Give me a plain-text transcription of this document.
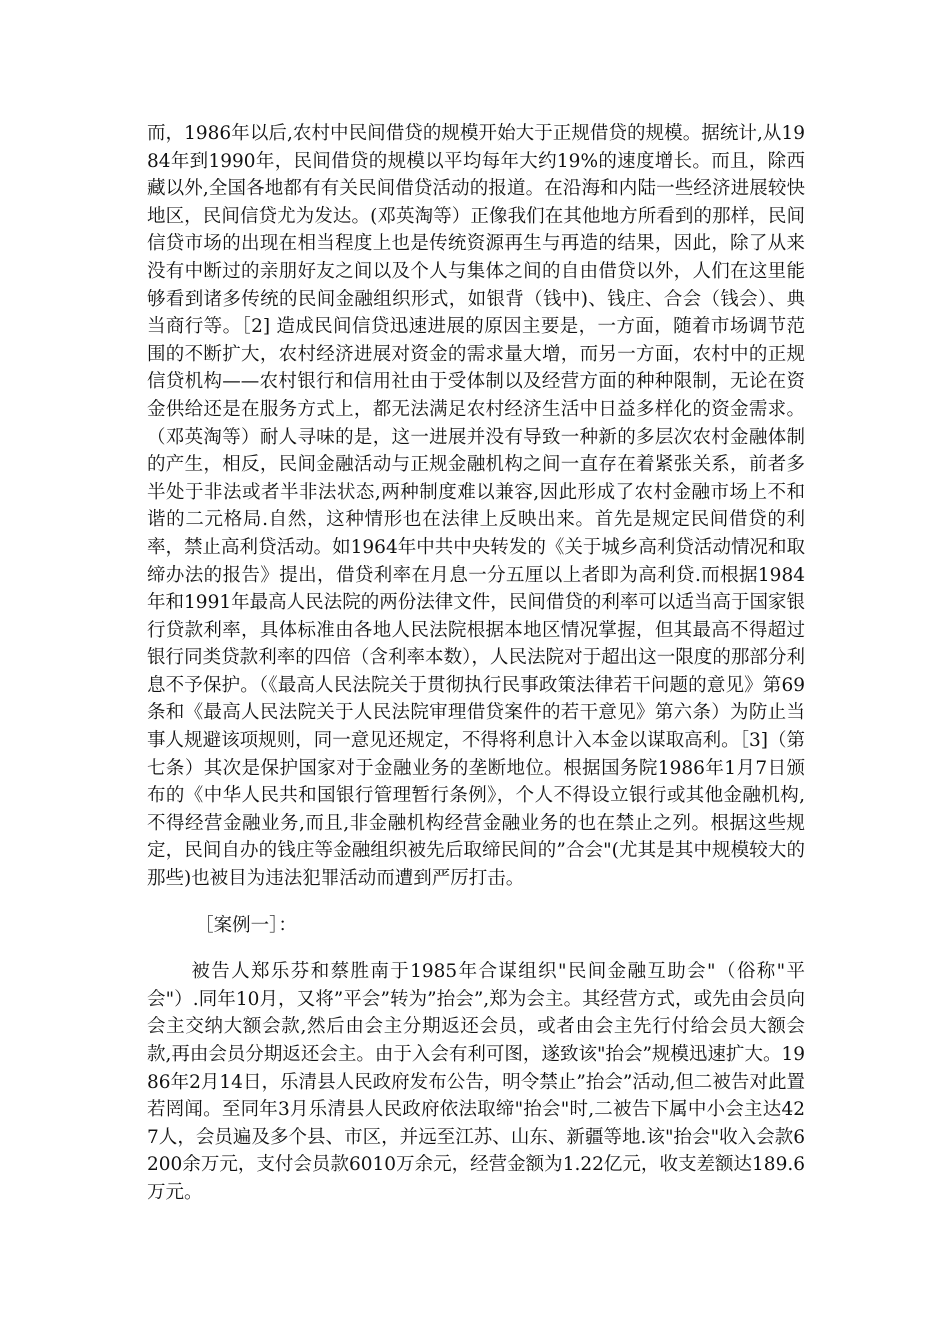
而，1986年以后,农村中民间借贷的规模开始大于正规借贷的规模。据统计,从1984年到1990年，民间借贷的规模以平均每年大约19%的速度增长。而且，除西藏以外,全国各地都有有关民间借贷活动的报道。在沿海和内陆一些经济进展较快地区，民间信贷尤为发达。(邓英淘等）正像我们在其他地方所看到的那样，民间信贷市场的出现在相当程度上也是传统资源再生与再造的结果，因此，除了从来没有中断过的亲朋好友之间以及个人与集体之间的自由借贷以外，人们在这里能够看到诸多传统的民间金融组织形式，如银背（钱中)、钱庄、合会（钱会）、典当商行等。［2] 造成民间信贷迅速进展的原因主要是，一方面，随着市场调节范围的不断扩大，农村经济进展对资金的需求量大增，而另一方面，农村中的正规信贷机构——农村银行和信用社由于受体制以及经营方面的种种限制，无论在资金供给还是在服务方式上，都无法满足农村经济生活中日益多样化的资金需求。（邓英淘等）耐人寻味的是，这一进展并没有导致一种新的多层次农村金融体制的产生，相反，民间金融活动与正规金融机构之间一直存在着紧张关系，前者多半处于非法或者半非法状态,两种制度难以兼容,因此形成了农村金融市场上不和谐的二元格局.自然，这种情形也在法律上反映出来。首先是规定民间借贷的利率，禁止高利贷活动。如1964年中共中央转发的《关于城乡高利贷活动情况和取缔办法的报告》提出，借贷利率在月息一分五厘以上者即为高利贷.而根据1984年和1991年最高人民法院的两份法律文件，民间借贷的利率可以适当高于国家银行贷款利率，具体标准由各地人民法院根据本地区情况掌握，但其最高不得超过银行同类贷款利率的四倍（含利率本数），人民法院对于超出这一限度的那部分利息不予保护。（《最高人民法院关于贯彻执行民事政策法律若干问题的意见》第69条和《最高人民法院关于人民法院审理借贷案件的若干意见》第六条）为防止当事人规避该项规则，同一意见还规定，不得将利息计入本金以谋取高利。［3]（第七条）其次是保护国家对于金融业务的垄断地位。根据国务院1986年1月7日颁布的《中华人民共和国银行管理暂行条例》，个人不得设立银行或其他金融机构,不得经营金融业务,而且,非金融机构经营金融业务的也在禁止之列。根据这些规定，民间自办的钱庄等金融组织被先后取缔民间的”合会"(尤其是其中规模较大的那些)也被目为违法犯罪活动而遭到严厉打击。

［案例一］：

被告人郑乐芬和蔡胜南于1985年合谋组织"民间金融互助会"（俗称"平会"）.同年10月，又将”平会”转为”抬会”,郑为会主。其经营方式，或先由会员向会主交纳大额会款,然后由会主分期返还会员，或者由会主先行付给会员大额会款,再由会员分期返还会主。由于入会有利可图，遂致该"抬会”规模迅速扩大。1986年2月14日，乐清县人民政府发布公告，明令禁止”抬会”活动,但二被告对此置若罔闻。至同年3月乐清县人民政府依法取缔"抬会"时,二被告下属中小会主达427人，会员遍及多个县、市区，并远至江苏、山东、新疆等地.该"抬会"收入会款6200余万元，支付会员款6010万余元，经营金额为1.22亿元，收支差额达189.6万元。
